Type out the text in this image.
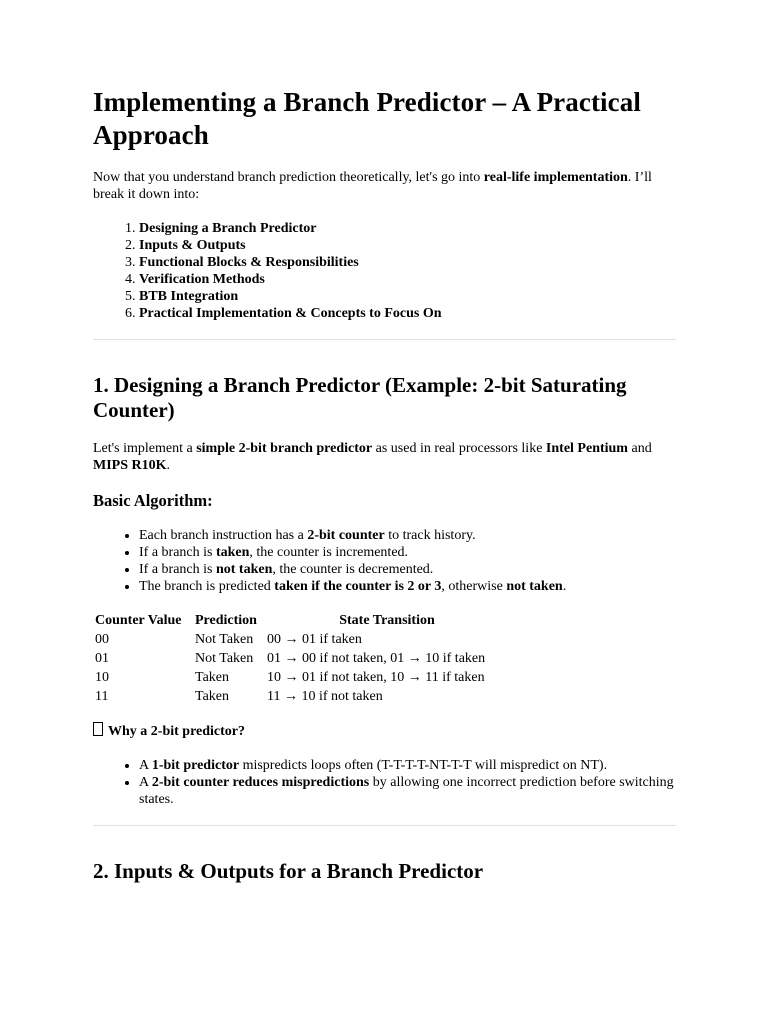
Implementing a Branch Predictor – A Practical Approach

Now that you understand branch prediction theoretically, let's go into real-life implementation. I’ll break it down into:

1. Designing a Branch Predictor
2. Inputs & Outputs
3. Functional Blocks & Responsibilities
4. Verification Methods
5. BTB Integration
6. Practical Implementation & Concepts to Focus On
1. Designing a Branch Predictor (Example: 2-bit Saturating Counter)

Let's implement a simple 2-bit branch predictor as used in real processors like Intel Pentium and MIPS R10K.

Basic Algorithm:
• Each branch instruction has a 2-bit counter to track history.
• If a branch is taken, the counter is incremented.
• If a branch is not taken, the counter is decremented.
• The branch is predicted taken if the counter is 2 or 3, otherwise not taken.
Counter Value	Prediction	State Transition
00	Not Taken	00 → 01 if taken
01	Not Taken	01 → 00 if not taken, 01 → 10 if taken
10	Taken	10 → 01 if not taken, 10 → 11 if taken
11	Taken	11 → 10 if not taken

Why a 2-bit predictor?

• A 1-bit predictor mispredicts loops often (T-T-T-T-NT-T-T will mispredict on NT).
• A 2-bit counter reduces mispredictions by allowing one incorrect prediction before switching states.
2. Inputs & Outputs for a Branch Predictor
